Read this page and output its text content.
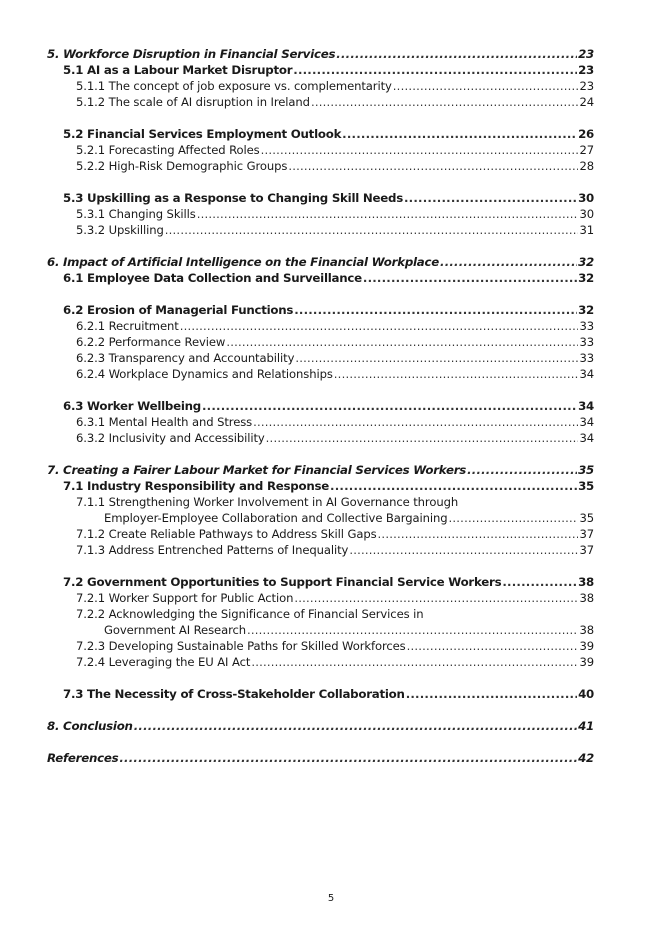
5. Workforce Disruption in Financial Services .....	23
5.1 AI as a Labour Market Disruptor .....	23
5.1.1 The concept of job exposure vs. complementarity .....	23
5.1.2 The scale of AI disruption in Ireland .....	24
5.2 Financial Services Employment Outlook .....	26
5.2.1 Forecasting Affected Roles .....	27
5.2.2 High-Risk Demographic Groups .....	28
5.3 Upskilling as a Response to Changing Skill Needs .....	30
5.3.1 Changing Skills .....	30
5.3.2 Upskilling .....	31
6. Impact of Artificial Intelligence on the Financial Workplace .....	32
6.1 Employee Data Collection and Surveillance .....	32
6.2 Erosion of Managerial Functions .....	32
6.2.1 Recruitment .....	33
6.2.2 Performance Review .....	33
6.2.3 Transparency and Accountability .....	33
6.2.4 Workplace Dynamics and Relationships .....	34
6.3 Worker Wellbeing .....	34
6.3.1 Mental Health and Stress .....	34
6.3.2 Inclusivity and Accessibility .....	34
7. Creating a Fairer Labour Market for Financial Services Workers .....	35
7.1 Industry Responsibility and Response .....	35
7.1.1 Strengthening Worker Involvement in AI Governance through
Employer-Employee Collaboration and Collective Bargaining .....	35
7.1.2 Create Reliable Pathways to Address Skill Gaps .....	37
7.1.3 Address Entrenched Patterns of Inequality .....	37
7.2 Government Opportunities to Support Financial Service Workers .....	38
7.2.1 Worker Support for Public Action .....	38
7.2.2 Acknowledging the Significance of Financial Services in
Government AI Research .....	38
7.2.3 Developing Sustainable Paths for Skilled Workforces .....	39
7.2.4 Leveraging the EU AI Act .....	39
7.3 The Necessity of Cross-Stakeholder Collaboration .....	40
8. Conclusion .....	41
References .....	42
5
